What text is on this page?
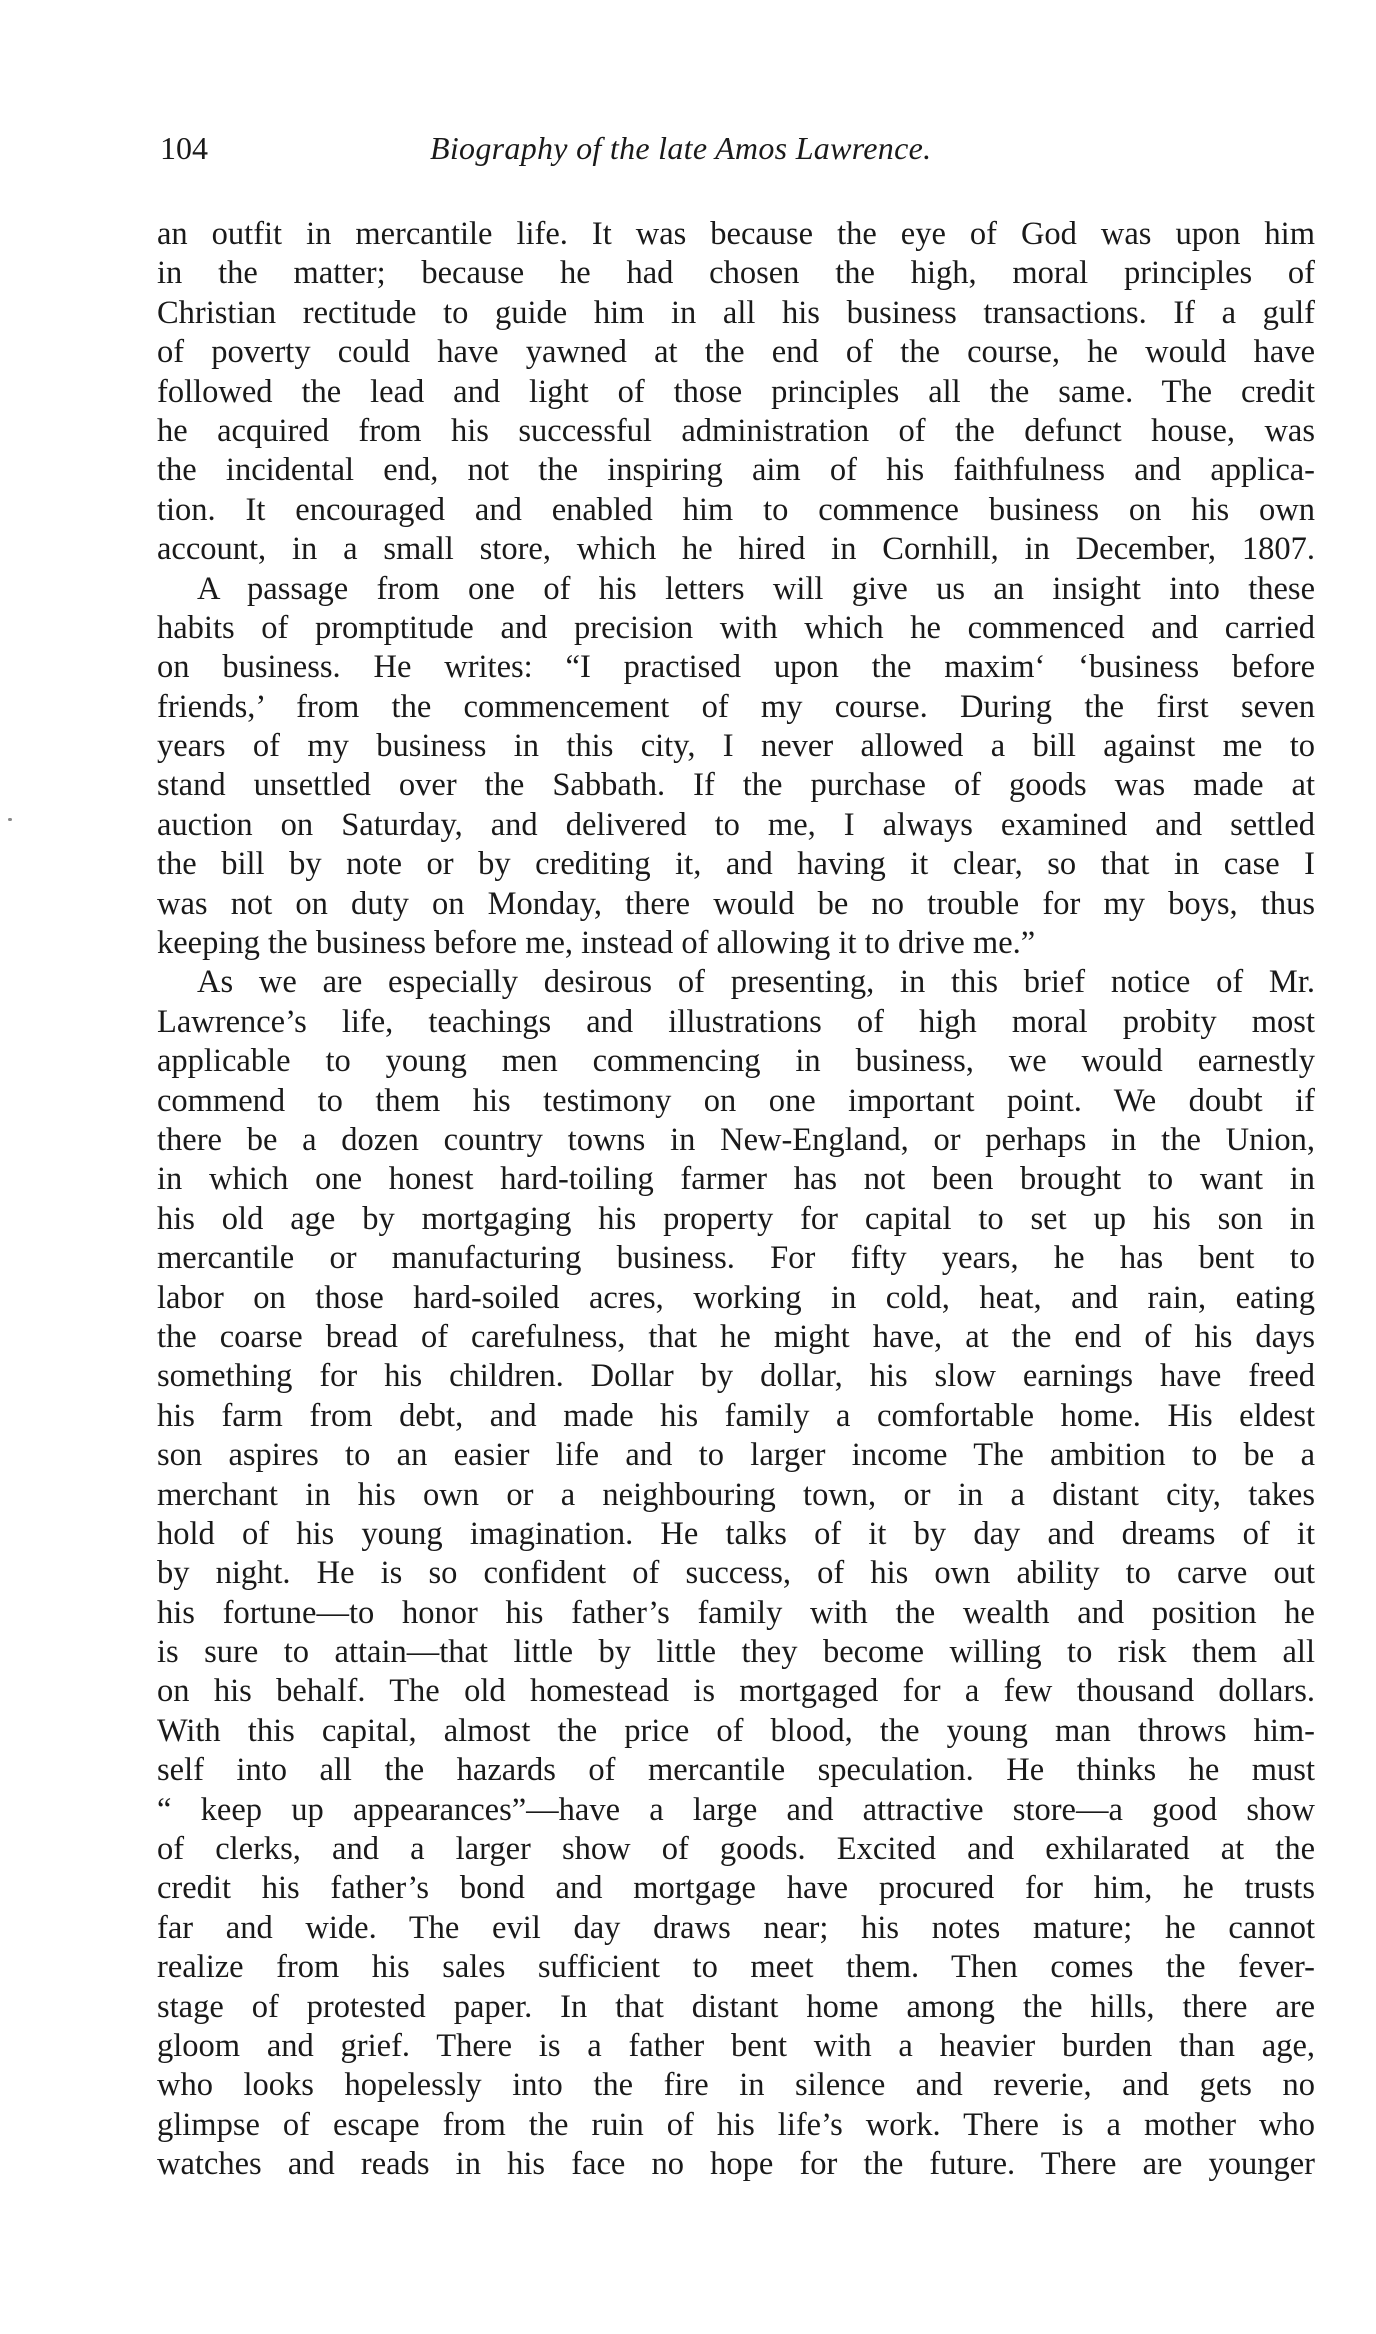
104	Biography of the late Amos Lawrence.
an outfit in mercantile life. It was because the eye of God was upon him
in the matter; because he had chosen the high, moral principles of
Christian rectitude to guide him in all his business transactions. If a gulf
of poverty could have yawned at the end of the course, he would have
followed the lead and light of those principles all the same. The credit
he acquired from his successful administration of the defunct house, was
the incidental end, not the inspiring aim of his faithfulness and applica-
tion. It encouraged and enabled him to commence business on his own
account, in a small store, which he hired in Cornhill, in December, 1807.
A passage from one of his letters will give us an insight into these
habits of promptitude and precision with which he commenced and carried
on business. He writes: “I practised upon the maxim‘ ‘business before
friends,’ from the commencement of my course. During the first seven
years of my business in this city, I never allowed a bill against me to
stand unsettled over the Sabbath. If the purchase of goods was made at
auction on Saturday, and delivered to me, I always examined and settled
the bill by note or by crediting it, and having it clear, so that in case I
was not on duty on Monday, there would be no trouble for my boys, thus
keeping the business before me, instead of allowing it to drive me.”
As we are especially desirous of presenting, in this brief notice of Mr.
Lawrence’s life, teachings and illustrations of high moral probity most
applicable to young men commencing in business, we would earnestly
commend to them his testimony on one important point. We doubt if
there be a dozen country towns in New-England, or perhaps in the Union,
in which one honest hard-toiling farmer has not been brought to want in
his old age by mortgaging his property for capital to set up his son in
mercantile or manufacturing business. For fifty years, he has bent to
labor on those hard-soiled acres, working in cold, heat, and rain, eating
the coarse bread of carefulness, that he might have, at the end of his days
something for his children. Dollar by dollar, his slow earnings have freed
his farm from debt, and made his family a comfortable home. His eldest
son aspires to an easier life and to larger income The ambition to be a
merchant in his own or a neighbouring town, or in a distant city, takes
hold of his young imagination. He talks of it by day and dreams of it
by night. He is so confident of success, of his own ability to carve out
his fortune—to honor his father’s family with the wealth and position he
is sure to attain—that little by little they become willing to risk them all
on his behalf. The old homestead is mortgaged for a few thousand dollars.
With this capital, almost the price of blood, the young man throws him-
self into all the hazards of mercantile speculation. He thinks he must
“ keep up appearances”—have a large and attractive store—a good show
of clerks, and a larger show of goods. Excited and exhilarated at the
credit his father’s bond and mortgage have procured for him, he trusts
far and wide. The evil day draws near; his notes mature; he cannot
realize from his sales sufficient to meet them. Then comes the fever-
stage of protested paper. In that distant home among the hills, there are
gloom and grief. There is a father bent with a heavier burden than age,
who looks hopelessly into the fire in silence and reverie, and gets no
glimpse of escape from the ruin of his life’s work. There is a mother who
watches and reads in his face no hope for the future. There are younger
